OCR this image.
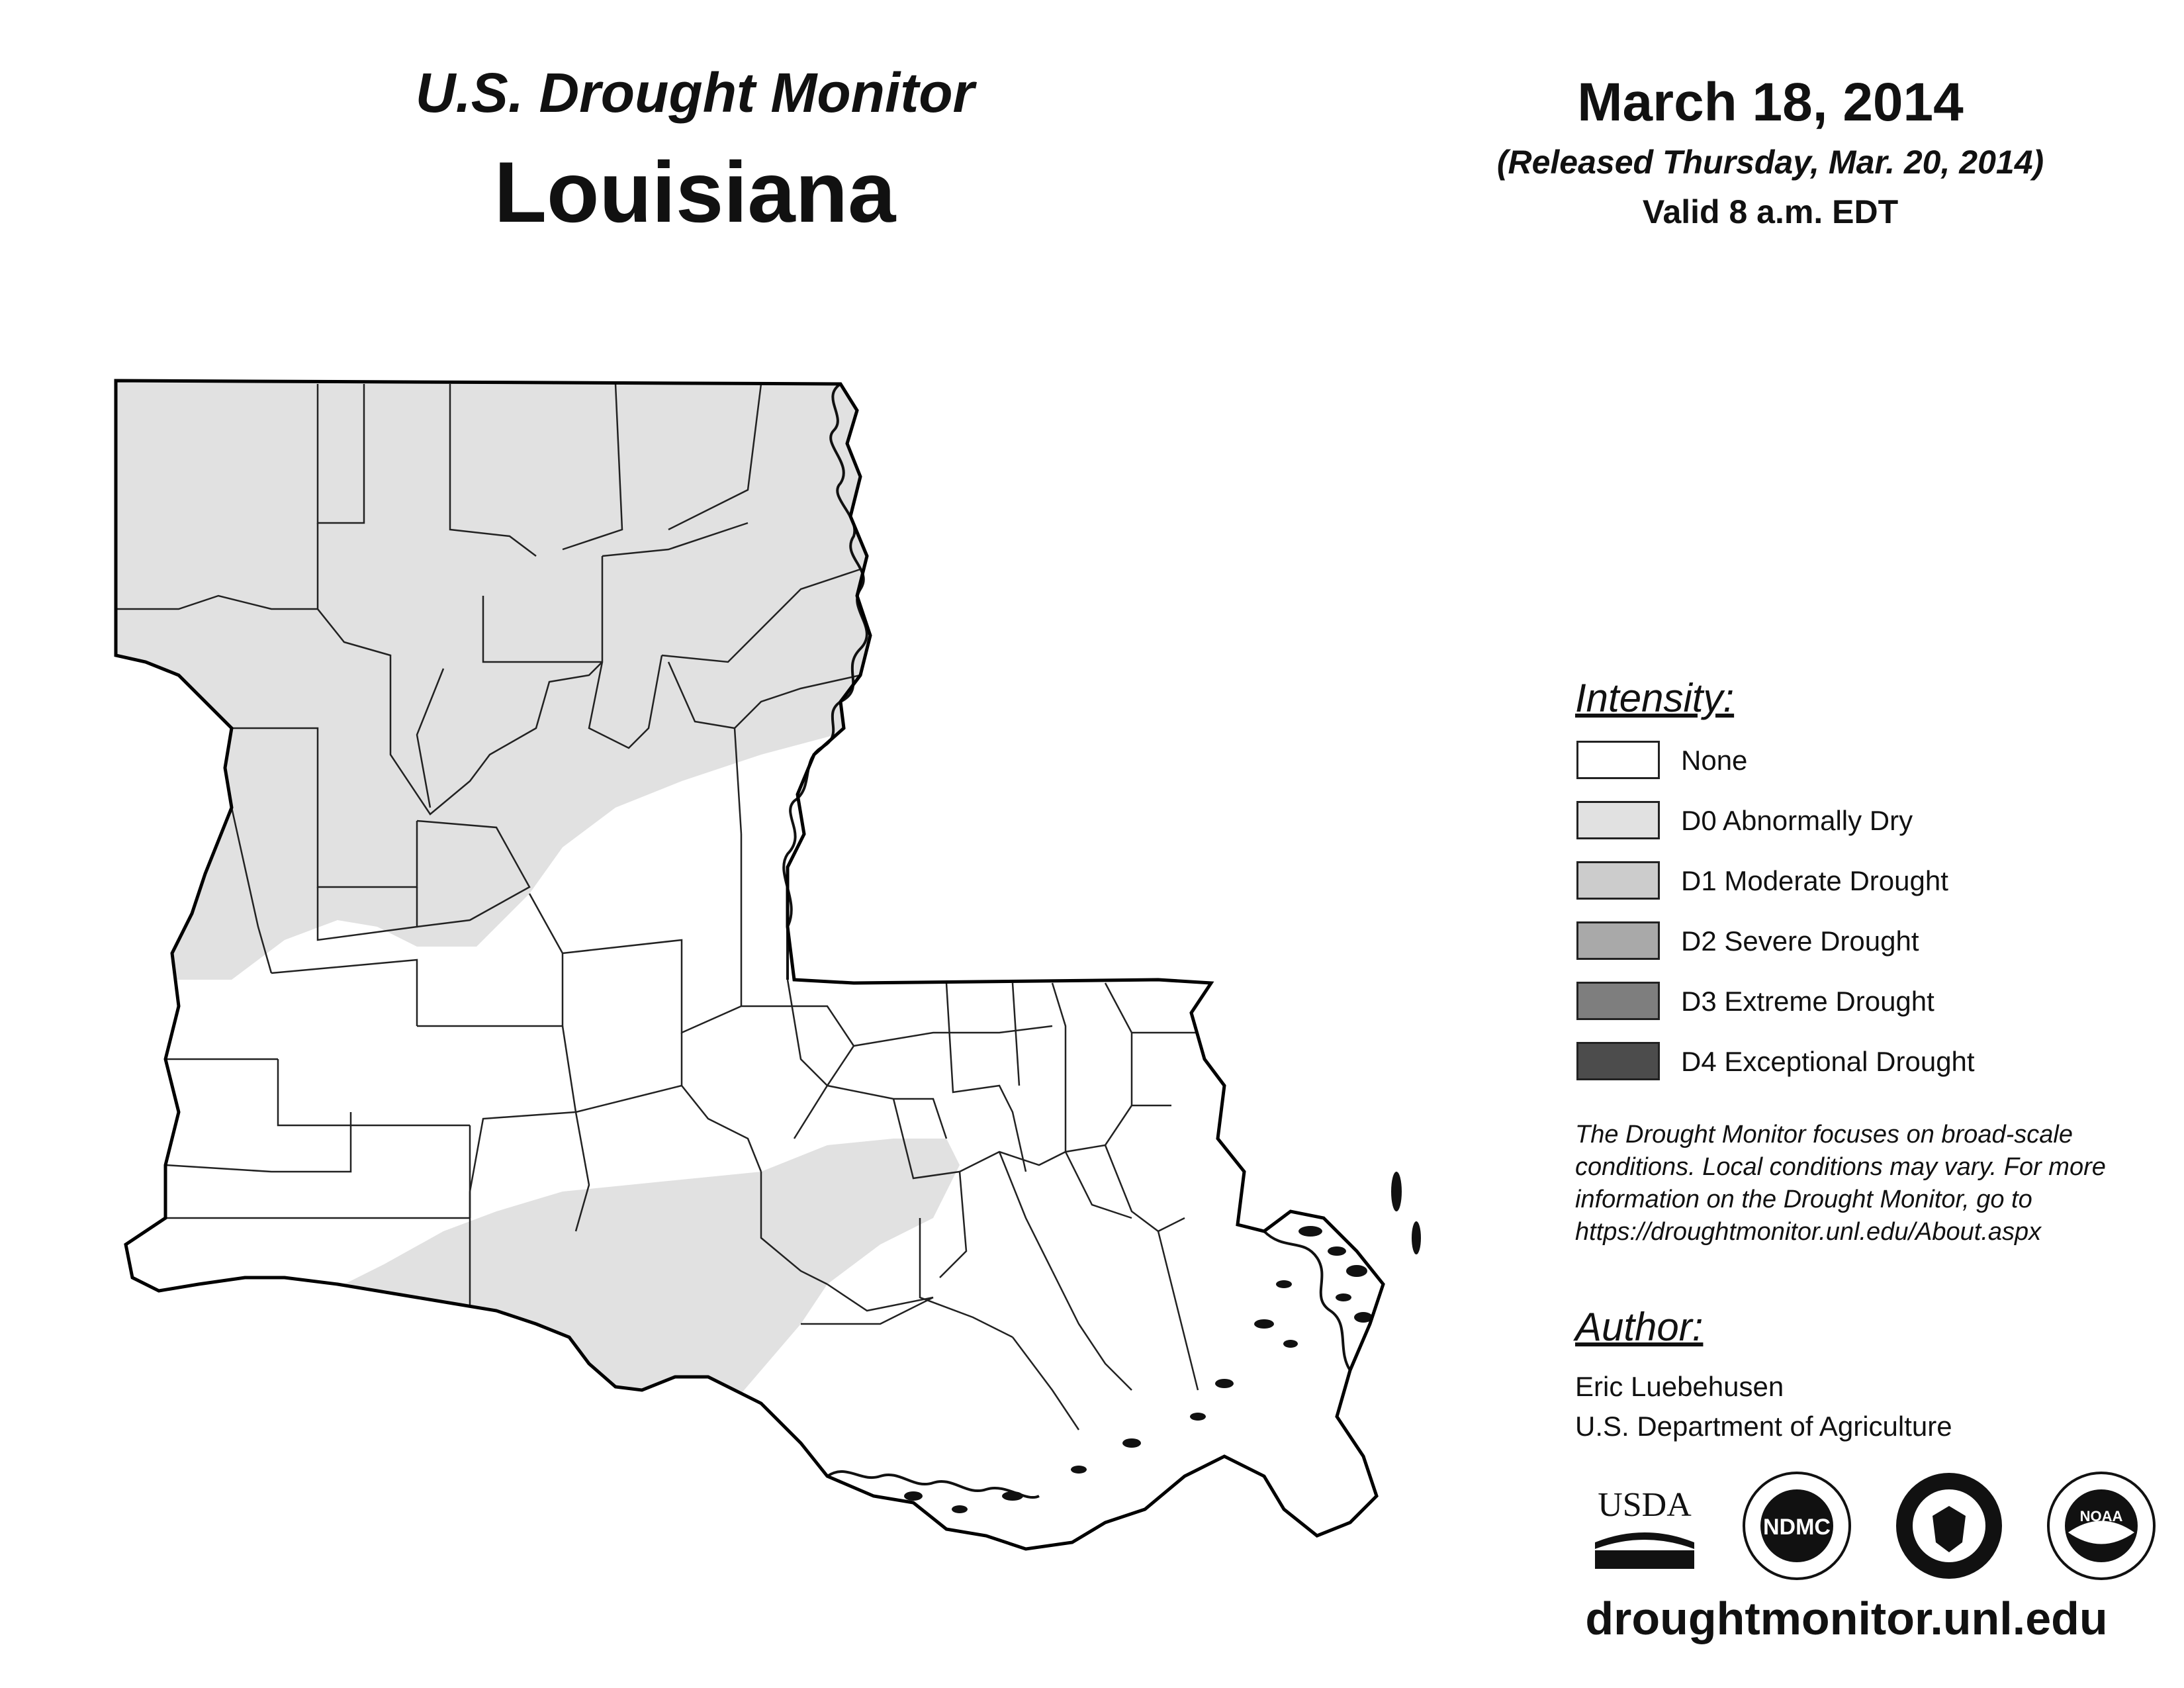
U.S. Drought Monitor
Louisiana
March 18, 2014
(Released Thursday, Mar. 20, 2014)
Valid 8 a.m. EDT
Intensity:
None
D0 Abnormally Dry
D1 Moderate Drought
D2 Severe Drought
D3 Extreme Drought
D4 Exceptional Drought
The Drought Monitor focuses on broad-scale
conditions. Local conditions may vary. For more
information on the Drought Monitor, go to
https://droughtmonitor.unl.edu/About.aspx
Author:
Eric Luebehusen
U.S. Department of Agriculture
USDA
NDMC	NOAA
droughtmonitor.unl.edu
